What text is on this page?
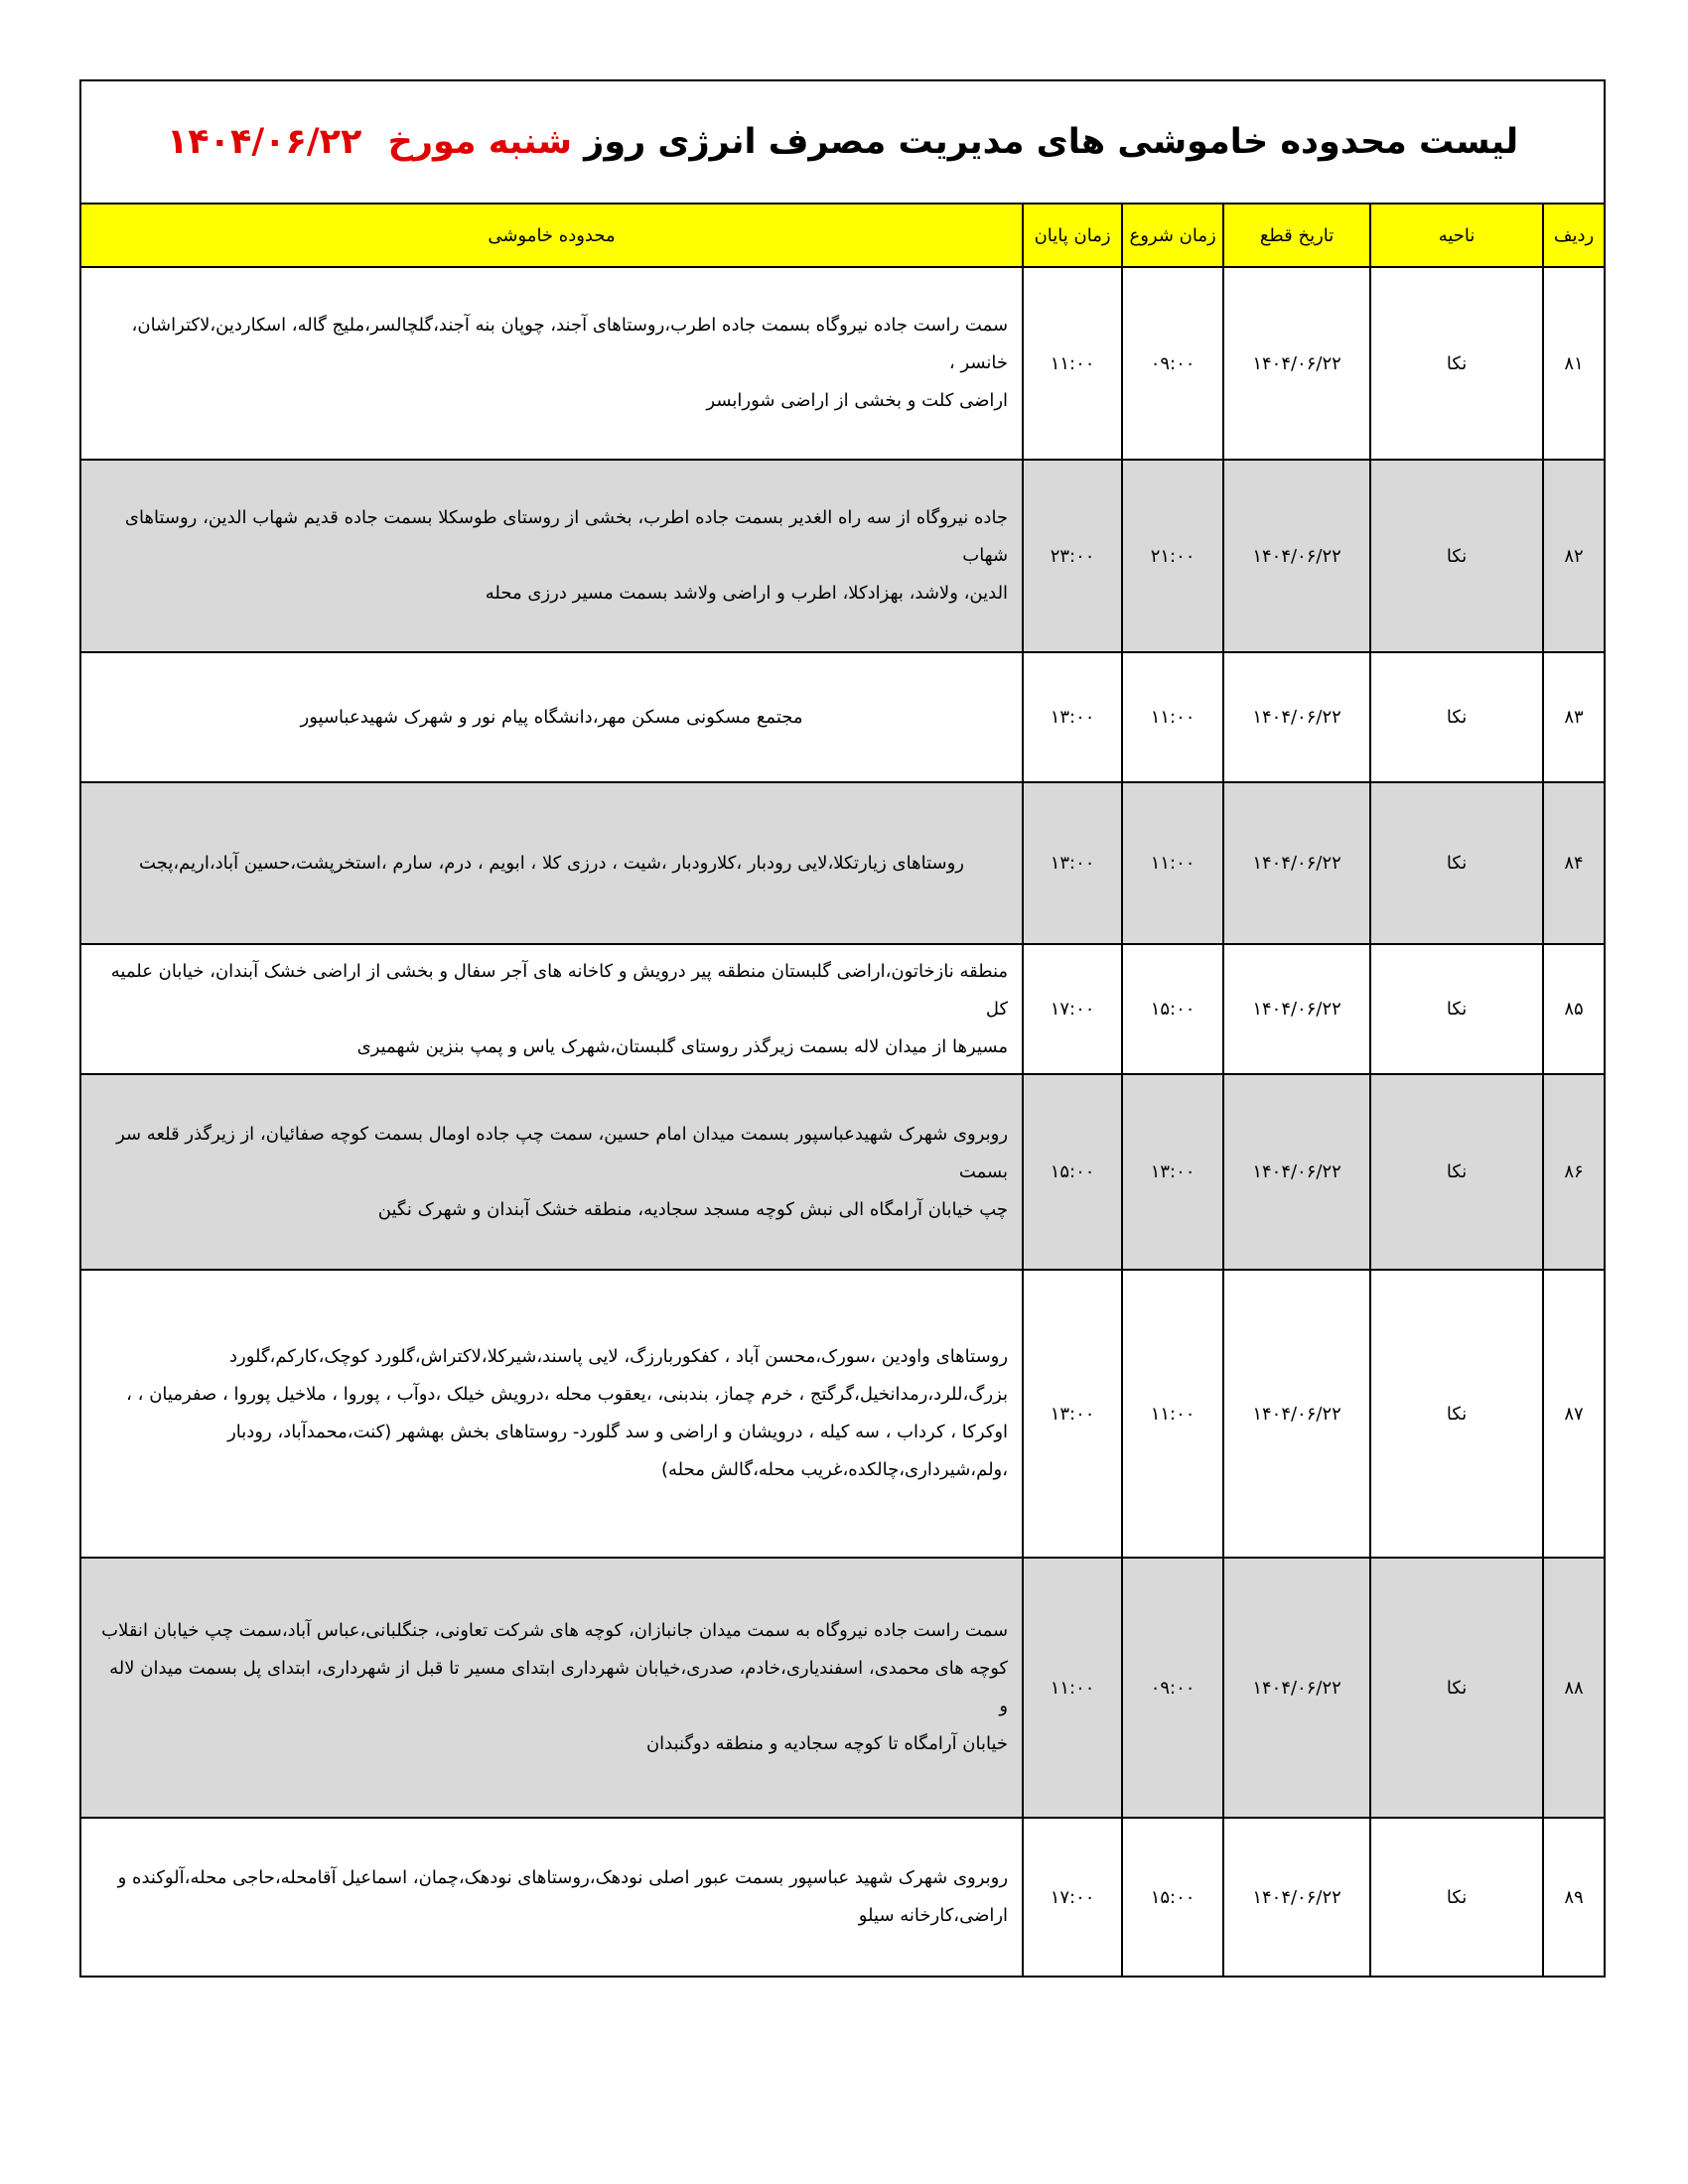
لیست محدوده خاموشی های مدیریت مصرف انرژی روز شنبه مورخ ۱۴۰۴/۰۶/۲۲					
ردیف	ناحیه	تاریخ قطع	زمان شروع	زمان پایان	محدوده خاموشی
۸۱	نکا	۱۴۰۴/۰۶/۲۲	۰۹:۰۰	۱۱:۰۰	سمت راست جاده نیروگاه بسمت جاده اطرب،روستاهای آجند، چوپان بنه آجند،گلچالسر،ملیج گاله، اسکاردین،لاکتراشان، خانسر ،
اراضی کلت و بخشی از اراضی شورابسر

۸۲	نکا	۱۴۰۴/۰۶/۲۲	۲۱:۰۰	۲۳:۰۰	جاده نیروگاه از سه راه الغدیر بسمت جاده اطرب، بخشی از روستای طوسکلا بسمت جاده قدیم شهاب الدین، روستاهای شهاب
الدین، ولاشد، بهزادکلا، اطرب و اراضی ولاشد بسمت مسیر درزی محله

۸۳	نکا	۱۴۰۴/۰۶/۲۲	۱۱:۰۰	۱۳:۰۰	مجتمع مسکونی مسکن مهر،دانشگاه پیام نور و شهرک شهیدعباسپور

۸۴	نکا	۱۴۰۴/۰۶/۲۲	۱۱:۰۰	۱۳:۰۰	روستاهای زیارتکلا،لایی رودبار ،کلارودبار ،شیت ، درزی کلا ، ابویم ، درم، سارم ،استخرپشت،حسین آباد،اریم،پجت

۸۵	نکا	۱۴۰۴/۰۶/۲۲	۱۵:۰۰	۱۷:۰۰	منطقه نازخاتون،اراضی گلبستان منطقه پیر درویش و کاخانه های آجر سفال و بخشی از اراضی خشک آبندان، خیابان علمیه کل
مسیرها از میدان لاله بسمت زیرگذر روستای گلبستان،شهرک یاس و پمپ بنزین شهمیری

۸۶	نکا	۱۴۰۴/۰۶/۲۲	۱۳:۰۰	۱۵:۰۰	روبروی شهرک شهیدعباسپور بسمت میدان امام حسین، سمت چپ جاده اومال بسمت کوچه صفائیان، از زیرگذر قلعه سر بسمت
چپ خیابان آرامگاه الی نبش کوچه مسجد سجادیه، منطقه خشک آبندان و شهرک نگین

۸۷	نکا	۱۴۰۴/۰۶/۲۲	۱۱:۰۰	۱۳:۰۰	روستاهای واودین ،سورک،محسن آباد ، کفکوربارزگ، لایی پاسند،شیرکلا،لاکتراش،گلورد کوچک،کارکم،گلورد
بزرگ،للرد،رمدانخیل،گرگتج ، خرم چماز، بندبنی، ،یعقوب محله ،درویش خیلک ،دوآب ، پوروا ، ملاخیل پوروا ، صفرمیان ، ،
اوکرکا ، کرداب ، سه کیله ، درویشان و اراضی و سد گلورد- روستاهای بخش بهشهر (کنت،محمدآباد، رودبار
،ولم،شیرداری،چالکده،غریب محله،گالش محله)

۸۸	نکا	۱۴۰۴/۰۶/۲۲	۰۹:۰۰	۱۱:۰۰	سمت راست جاده نیروگاه به سمت میدان جانبازان، کوچه های شرکت تعاونی، جنگلبانی،عباس آباد،سمت چپ خیابان انقلاب
کوچه های محمدی، اسفندیاری،خادم، صدری،خیابان شهرداری ابتدای مسیر تا قبل از شهرداری، ابتدای پل بسمت میدان لاله و
خیابان آرامگاه تا کوچه سجادیه و منطقه دوگنبدان

۸۹	نکا	۱۴۰۴/۰۶/۲۲	۱۵:۰۰	۱۷:۰۰	روبروی شهرک شهید عباسپور بسمت عبور اصلی نودهک،روستاهای نودهک،چمان، اسماعیل آقامحله،حاجی محله،آلوکنده و
اراضی،کارخانه سیلو
